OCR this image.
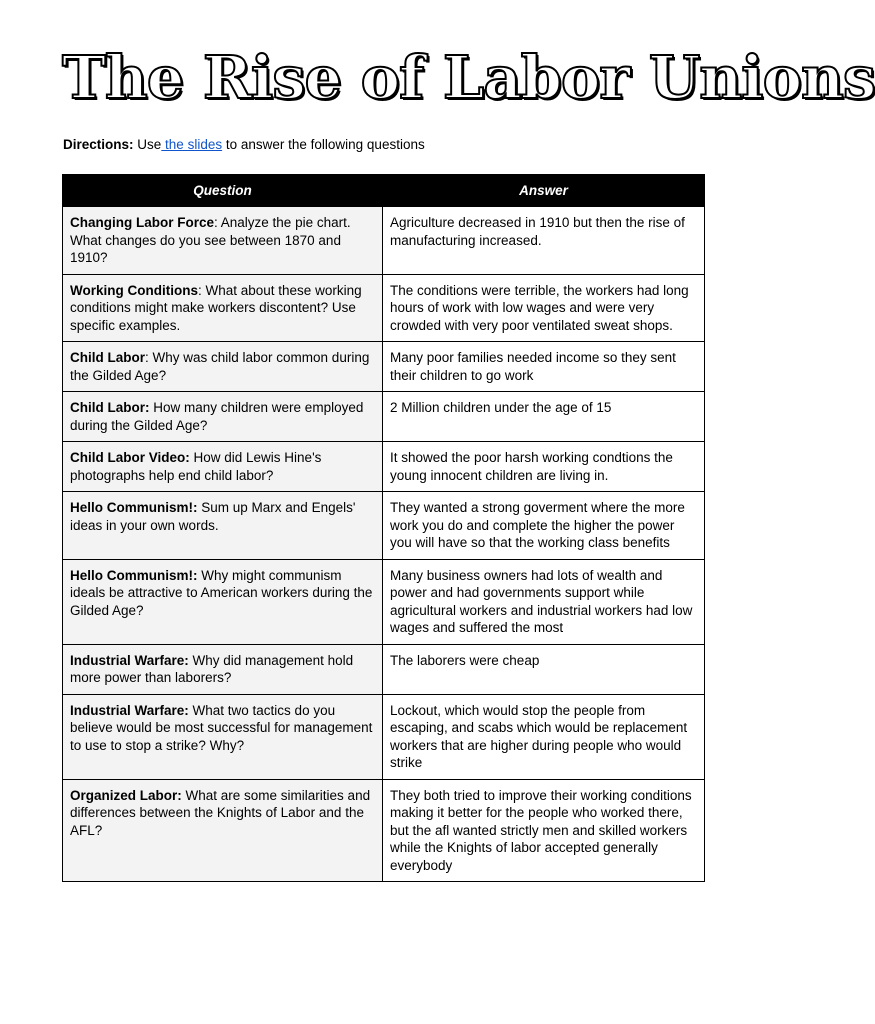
The Rise of Labor Unions
Directions: Use the slides to answer the following questions
Question	Answer
Changing Labor Force: Analyze the pie chart. What changes do you see between 1870 and 1910?	Agriculture decreased in 1910 but then the rise of manufacturing increased.
Working Conditions: What about these working conditions might make workers discontent? Use specific examples.	The conditions were terrible, the workers had long hours of work with low wages and were very crowded with very poor ventilated sweat shops.
Child Labor: Why was child labor common during the Gilded Age?	Many poor families needed income so they sent their children to go work
Child Labor: How many children were employed during the Gilded Age?	2 Million children under the age of 15
Child Labor Video: How did Lewis Hine's photographs help end child labor?	It showed the poor harsh working condtions the young innocent children are living in.
Hello Communism!: Sum up Marx and Engels' ideas in your own words.	They wanted a strong goverment where the more work you do and complete the higher the power you will have so that the working class benefits
Hello Communism!: Why might communism ideals be attractive to American workers during the Gilded Age?	Many business owners had lots of wealth and power and had governments support while agricultural workers and industrial workers had low wages and suffered the most
Industrial Warfare: Why did management hold more power than laborers?	The laborers were cheap
Industrial Warfare: What two tactics do you believe would be most successful for management to use to stop a strike? Why?	Lockout, which would stop the people from escaping, and scabs which would be replacement workers that are higher during people who would strike
Organized Labor: What are some similarities and differences between the Knights of Labor and the AFL?	They both tried to improve their working conditions making it better for the people who worked there, but the afl wanted strictly men and skilled workers while the Knights of labor accepted generally everybody
